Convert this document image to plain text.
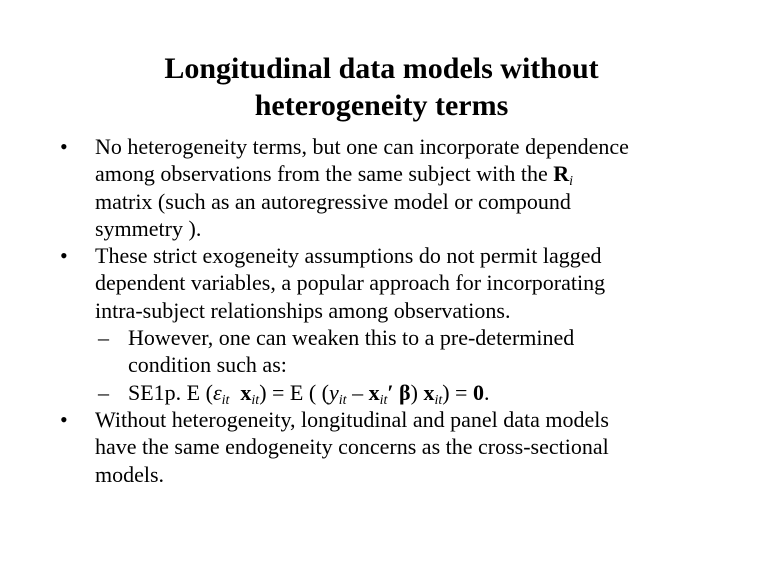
Longitudinal data models without
heterogeneity terms
•	No heterogeneity terms, but one can incorporate dependence
among observations from the same subject with the $R_i$
matrix (such as an autoregressive model or compound
symmetry ).
•	These strict exogeneity assumptions do not permit lagged
dependent variables, a popular approach for incorporating
intra-subject relationships among observations.
– However, one can weaken this to a pre-determined
condition such as:
– SE1p. E ($\varepsilon_{it}$ $x_{it}) = E$ ( ($y_{it} - x_{it}'$ β) $x_{it}) = 0$.
•	Without heterogeneity, longitudinal and panel data models
have the same endogeneity concerns as the cross-sectional
models.
